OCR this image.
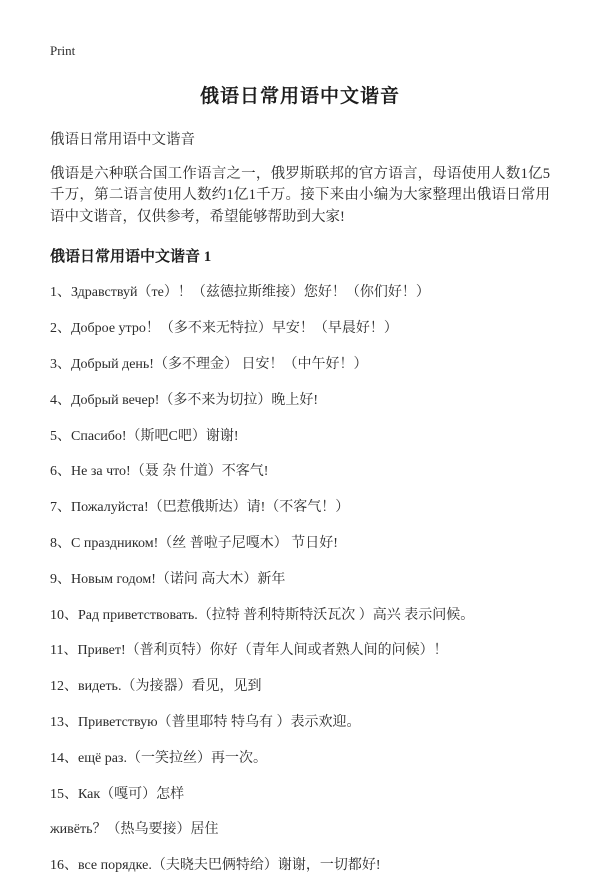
Print
俄语日常用语中文谐音

俄语日常用语中文谐音

俄语是六种联合国工作语言之一，俄罗斯联邦的官方语言，母语使用人数1亿5千万，第二语言使用人数约1亿1千万。接下来由小编为大家整理出俄语日常用语中文谐音，仅供参考，希望能够帮助到大家!

俄语日常用语中文谐音 1

1、Здравствуй（те）！（兹德拉斯维接）您好！（你们好！）

2、Доброе утро！（多不来无特拉）早安！（早晨好！）

3、Добрый день!（多不理金） 日安！（中午好！）

4、Добрый вечер!（多不来为切拉）晚上好!

5、Спасибо!（斯吧C吧）谢谢!

6、Не за что!（聂 杂 什道）不客气!

7、Пожалуйста!（巴惹俄斯达）请!（不客气！）

8、С праздником!（丝 普啦子尼嘎木） 节日好!

9、Новым годом!（诺问 高大木）新年

10、Рад приветствовать.（拉特 普利特斯特沃瓦次 ）高兴 表示问候。

11、Привет!（普利页特）你好（青年人间或者熟人间的问候）！

12、видеть.（为接器）看见，见到

13、Приветствую（普里耶特 特乌有 ）表示欢迎。

14、ещё раз.（一笑拉丝）再一次。

15、Как（嘎可）怎样

живёть？（热乌要接）居住

16、все порядке.（夫晓夫巴俩特给）谢谢，一切都好!
